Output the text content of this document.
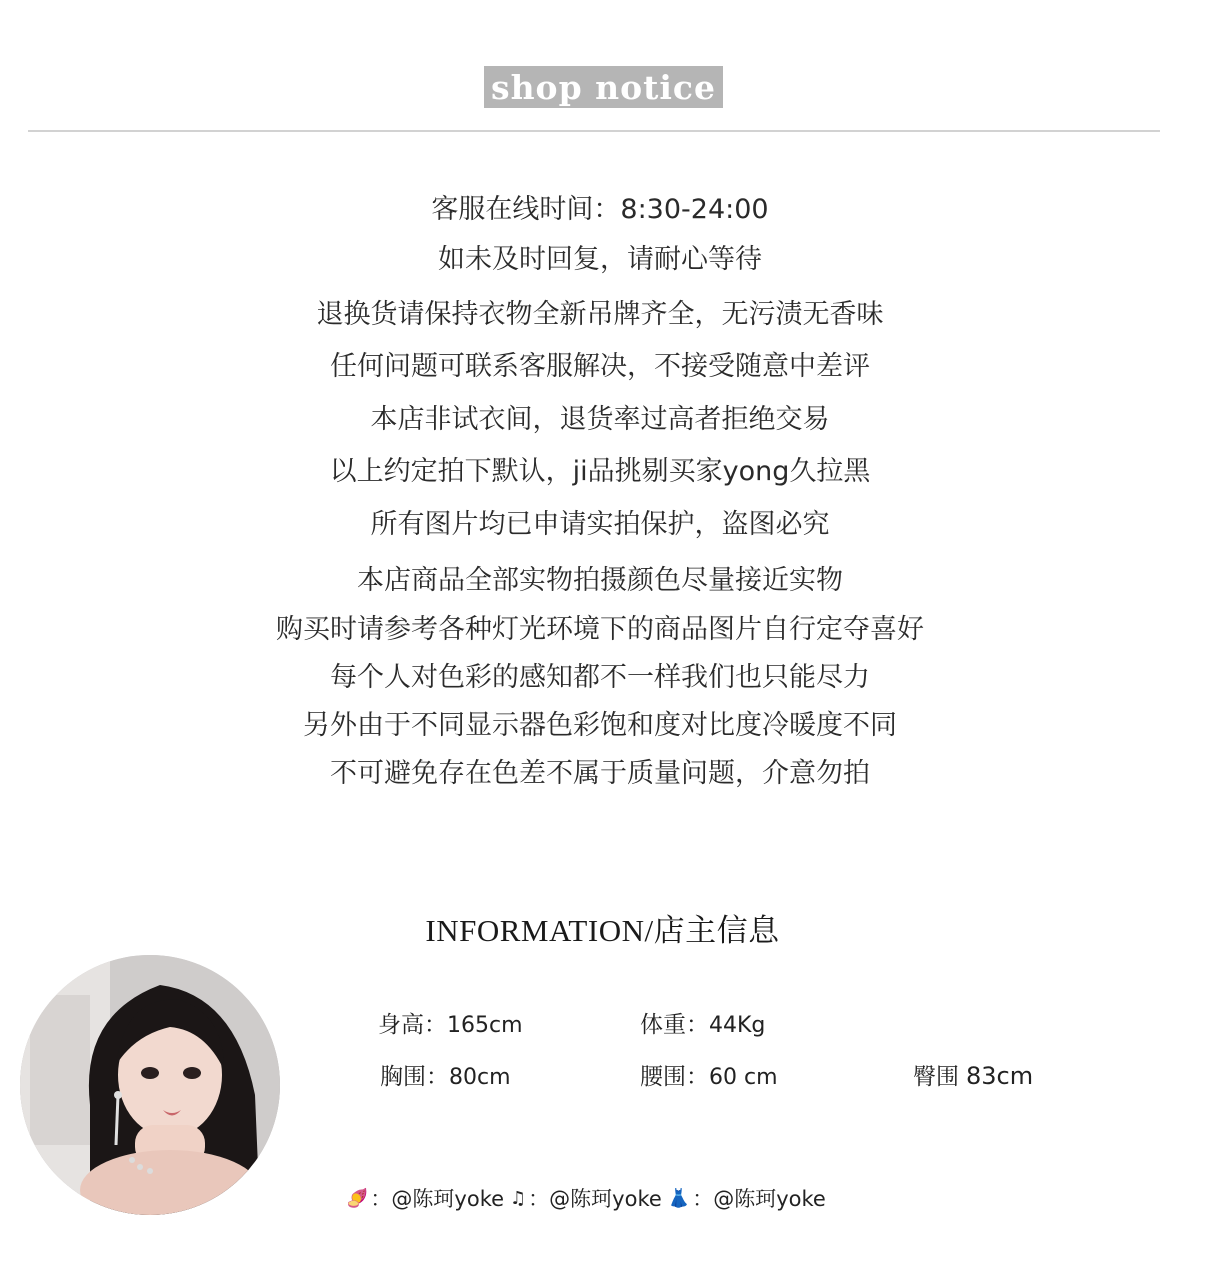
shop notice
客服在线时间：8:30-24:00
如未及时回复，请耐心等待
退换货请保持衣物全新吊牌齐全，无污渍无香味
任何问题可联系客服解决，不接受随意中差评
本店非试衣间，退货率过高者拒绝交易
以上约定拍下默认，ji品挑剔买家yong久拉黑
所有图片均已申请实拍保护，盗图必究
本店商品全部实物拍摄颜色尽量接近实物
购买时请参考各种灯光环境下的商品图片自行定夺喜好
每个人对色彩的感知都不一样我们也只能尽力
另外由于不同显示器色彩饱和度对比度冷暖度不同
不可避免存在色差不属于质量问题，介意勿拍
INFORMATION/店主信息
身高：165cm	体重：44Kg
胸围：80cm	腰围：60 cm	臀围 83cm
🍠 ： @陈珂yoke ♫ ： @陈珂yoke 👗 ： @陈珂yoke
